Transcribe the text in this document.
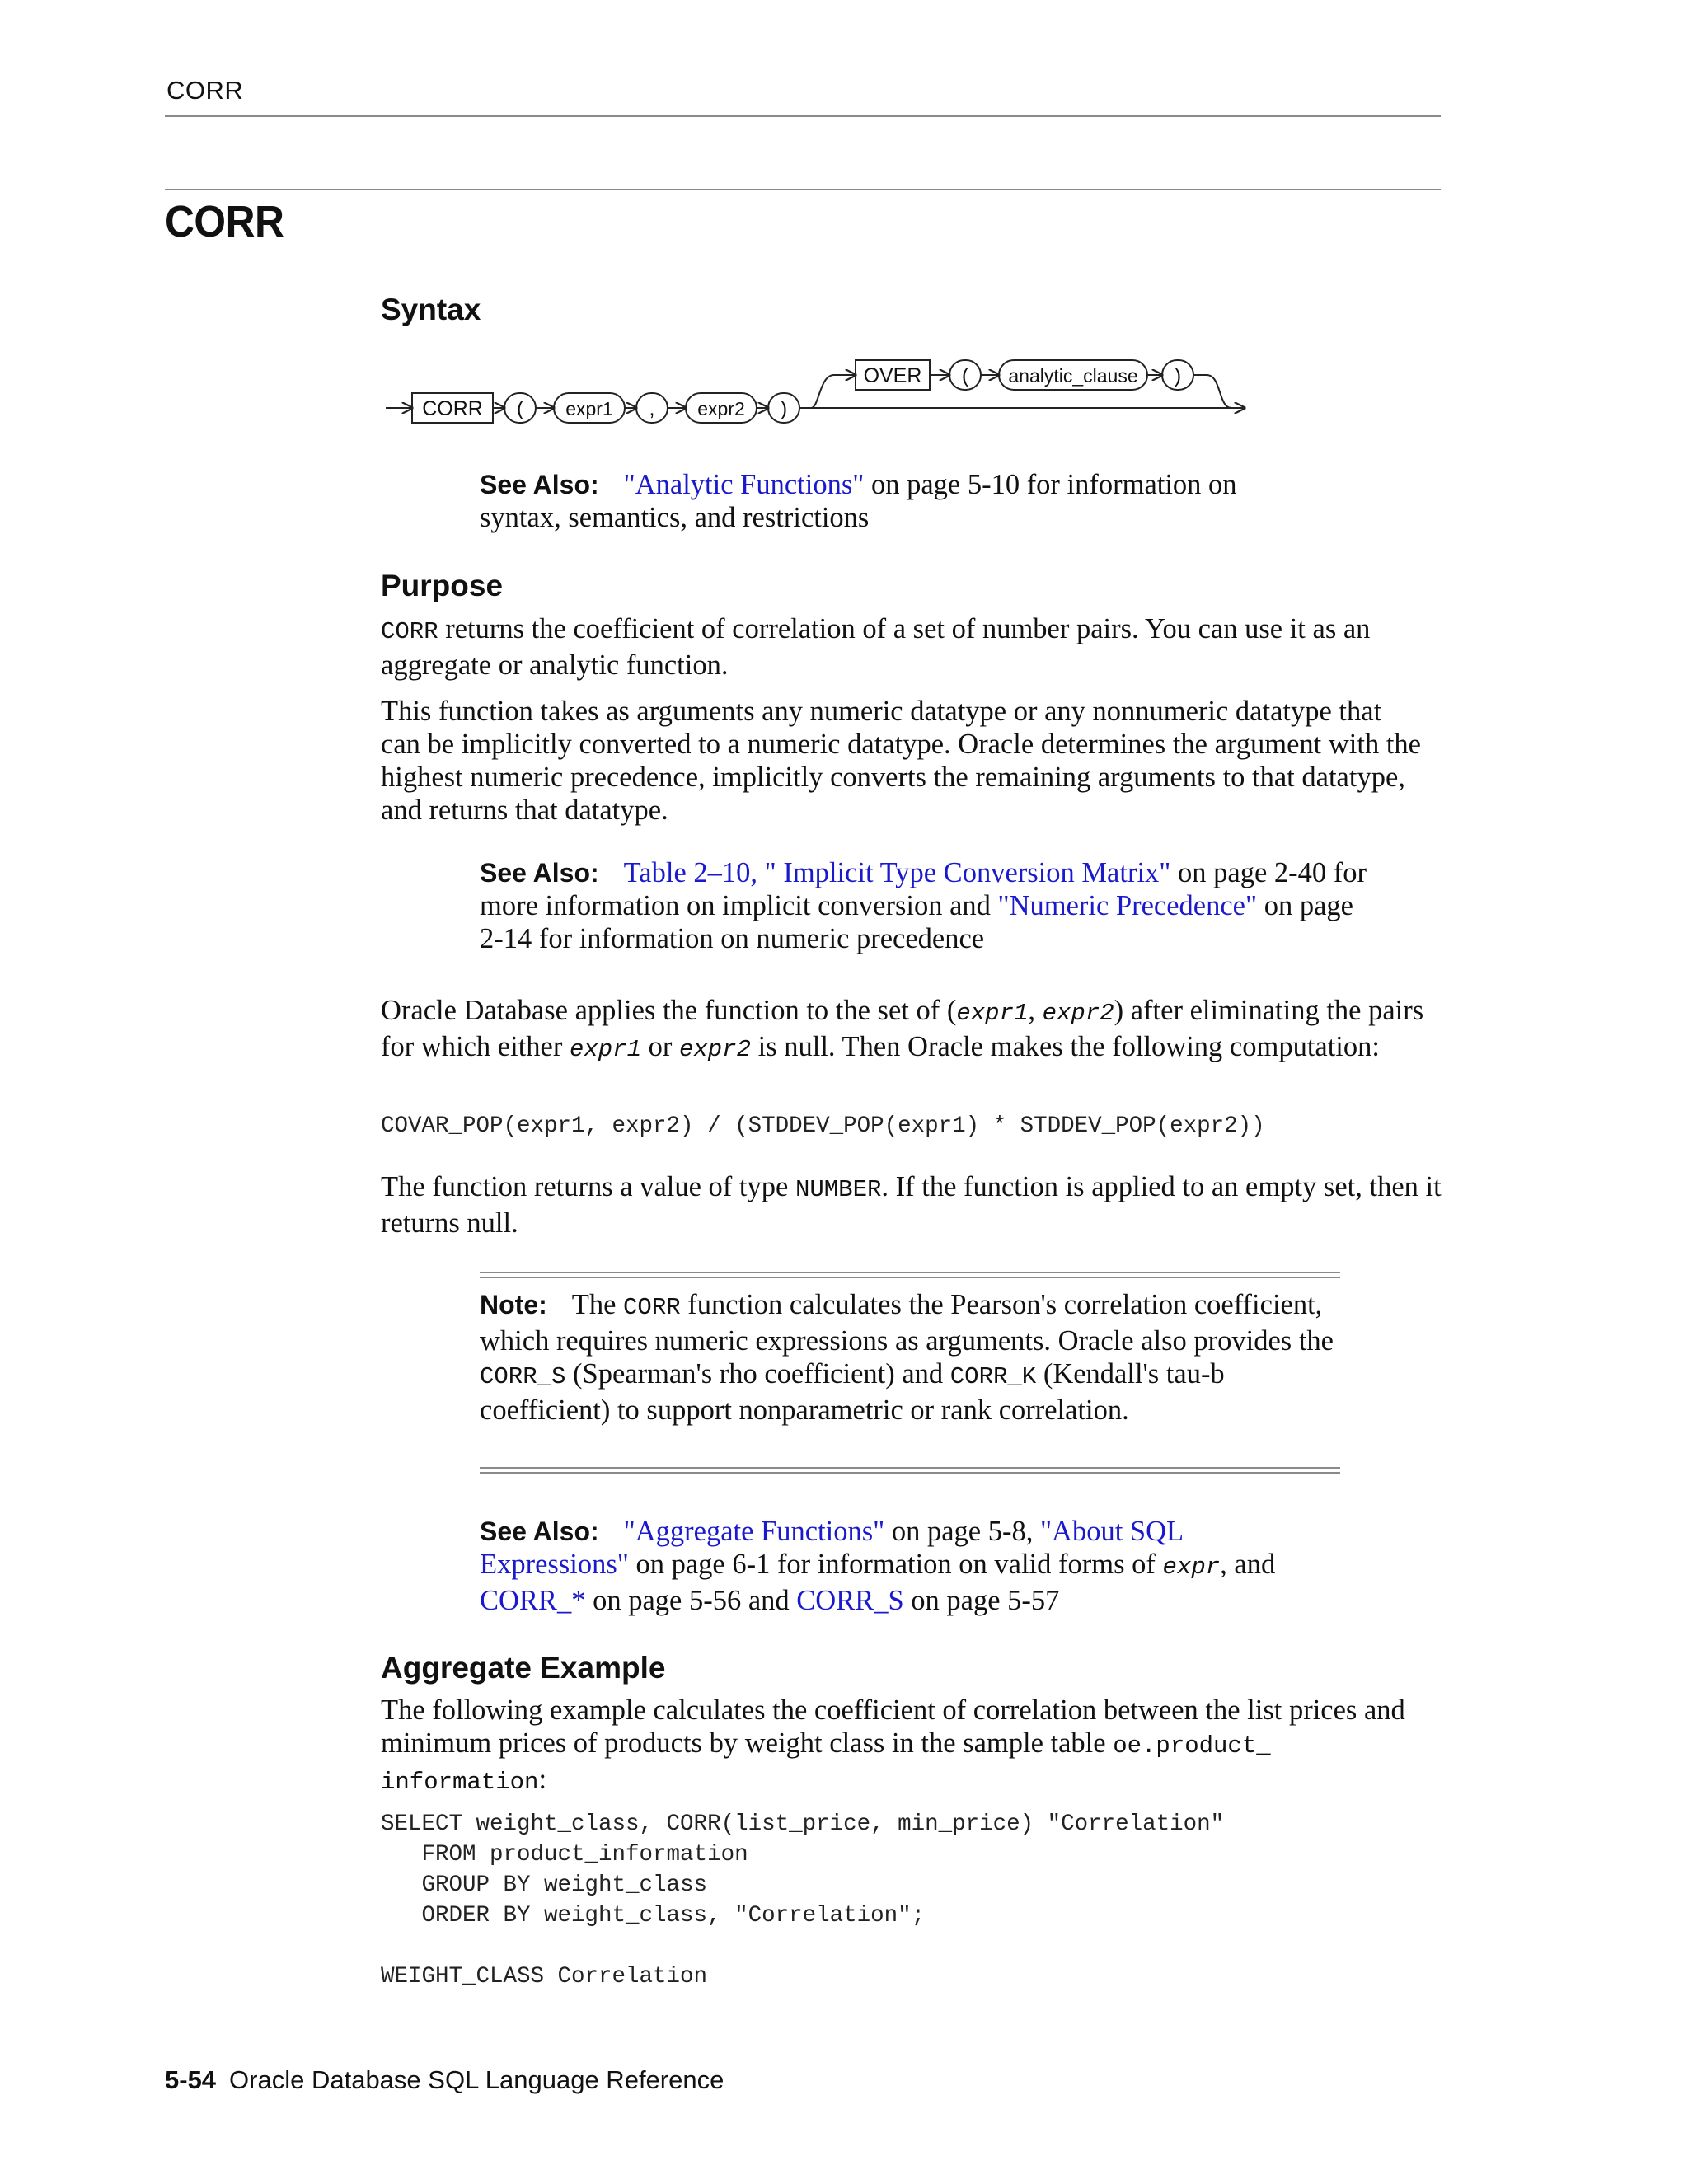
CORR
CORR
Syntax
CORR ( expr1 , expr2 )
OVER ( analytic_clause )

See Also: "Analytic Functions" on page 5-10 for information on
syntax, semantics, and restrictions

Purpose

CORR returns the coefficient of correlation of a set of number pairs. You can use it as an aggregate or analytic function.

This function takes as arguments any numeric datatype or any nonnumeric datatype that can be implicitly converted to a numeric datatype. Oracle determines the argument with the highest numeric precedence, implicitly converts the remaining arguments to that datatype, and returns that datatype.

See Also: Table 2–10, " Implicit Type Conversion Matrix" on page 2-40 for more information on implicit conversion and "Numeric Precedence" on page 2-14 for information on numeric precedence

Oracle Database applies the function to the set of (expr1, expr2) after eliminating the pairs for which either expr1 or expr2 is null. Then Oracle makes the following computation:

COVAR_POP(expr1, expr2) / (STDDEV_POP(expr1) * STDDEV_POP(expr2))

The function returns a value of type NUMBER. If the function is applied to an empty set, then it returns null.

Note: The CORR function calculates the Pearson's correlation coefficient, which requires numeric expressions as arguments. Oracle also provides the CORR_S (Spearman's rho coefficient) and CORR_K (Kendall's tau-b coefficient) to support nonparametric or rank correlation.

See Also: "Aggregate Functions" on page 5-8, "About SQL Expressions" on page 6-1 for information on valid forms of expr, and CORR_* on page 5-56 and CORR_S on page 5-57

Aggregate Example

The following example calculates the coefficient of correlation between the list prices and minimum prices of products by weight class in the sample table oe.product_
information:

SELECT weight_class, CORR(list_price, min_price) "Correlation"
FROM product_information
GROUP BY weight_class
ORDER BY weight_class, "Correlation";
WEIGHT_CLASS Correlation
5-54 Oracle Database SQL Language Reference
